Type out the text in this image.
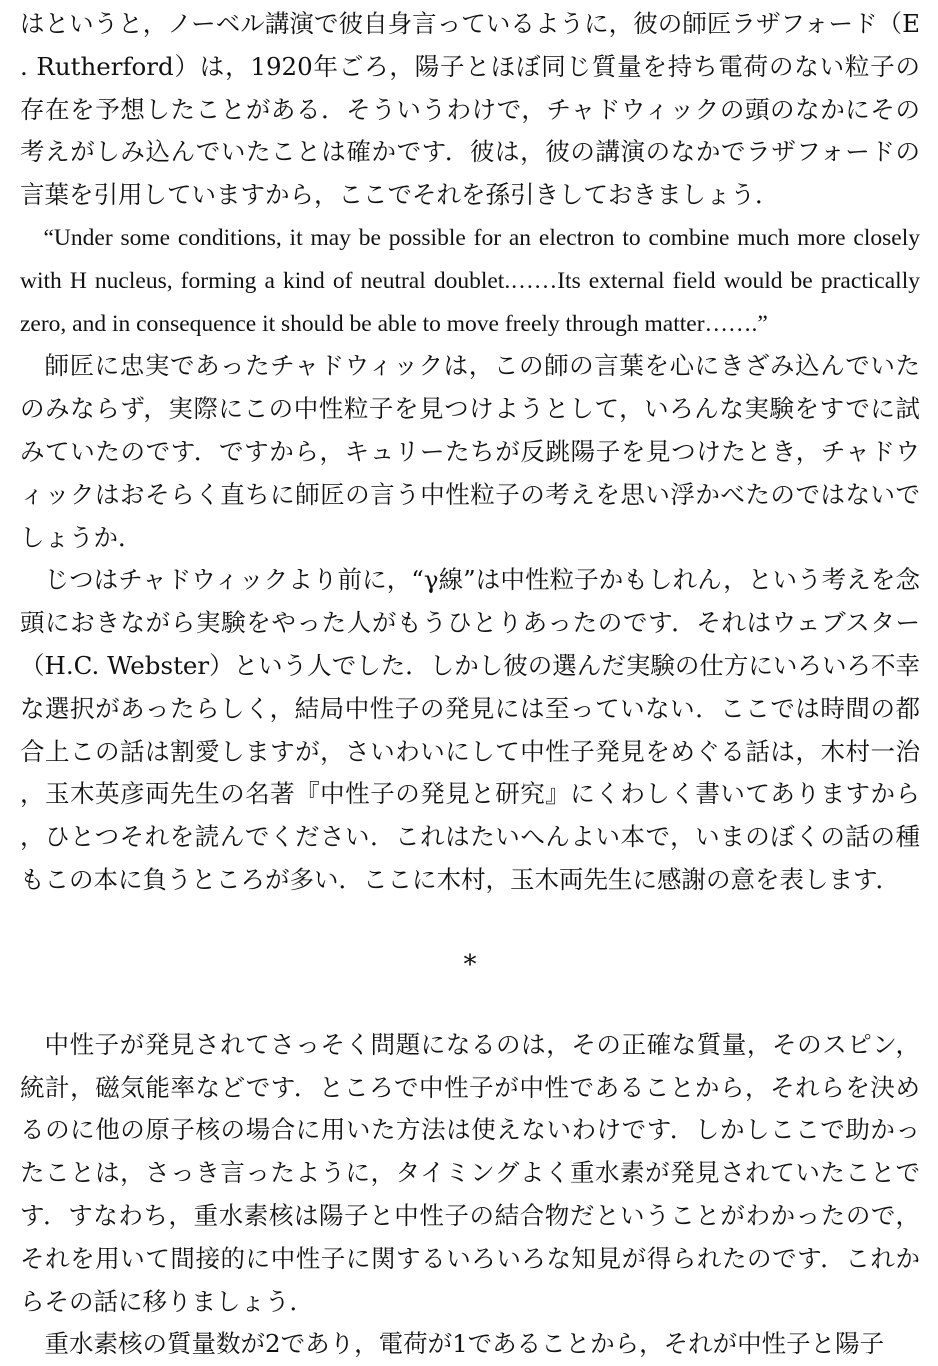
はというと，ノーベル講演で彼自身言っているように，彼の師匠ラザフォード（E. Rutherford）は，1920年ごろ，陽子とほぼ同じ質量を持ち電荷のない粒子の存在を予想したことがある．そういうわけで，チャドウィックの頭のなかにその考えがしみ込んでいたことは確かです．彼は，彼の講演のなかでラザフォードの言葉を引用していますから，ここでそれを孫引きしておきましょう．

“Under some conditions, it may be possible for an electron to combine much more closely with H nucleus, forming a kind of neutral doublet.……Its external field would be practically zero, and in consequence it should be able to move freely through matter…….”

師匠に忠実であったチャドウィックは，この師の言葉を心にきざみ込んでいたのみならず，実際にこの中性粒子を見つけようとして，いろんな実験をすでに試みていたのです．ですから，キュリーたちが反跳陽子を見つけたとき，チャドウィックはおそらく直ちに師匠の言う中性粒子の考えを思い浮かべたのではないでしょうか．

じつはチャドウィックより前に，“γ線”は中性粒子かもしれん，という考えを念頭におきながら実験をやった人がもうひとりあったのです．それはウェブスター（H.C. Webster）という人でした．しかし彼の選んだ実験の仕方にいろいろ不幸な選択があったらしく，結局中性子の発見には至っていない．ここでは時間の都合上この話は割愛しますが，さいわいにして中性子発見をめぐる話は，木村一治，玉木英彦両先生の名著『中性子の発見と研究』にくわしく書いてありますから，ひとつそれを読んでください．これはたいへんよい本で，いまのぼくの話の種もこの本に負うところが多い．ここに木村，玉木両先生に感謝の意を表します．

*

中性子が発見されてさっそく問題になるのは，その正確な質量，そのスピン，統計，磁気能率などです．ところで中性子が中性であることから，それらを決めるのに他の原子核の場合に用いた方法は使えないわけです．しかしここで助かったことは，さっき言ったように，タイミングよく重水素が発見されていたことです．すなわち，重水素核は陽子と中性子の結合物だということがわかったので，それを用いて間接的に中性子に関するいろいろな知見が得られたのです．これからその話に移りましょう．

重水素核の質量数が2であり，電荷が1であることから，それが中性子と陽子
